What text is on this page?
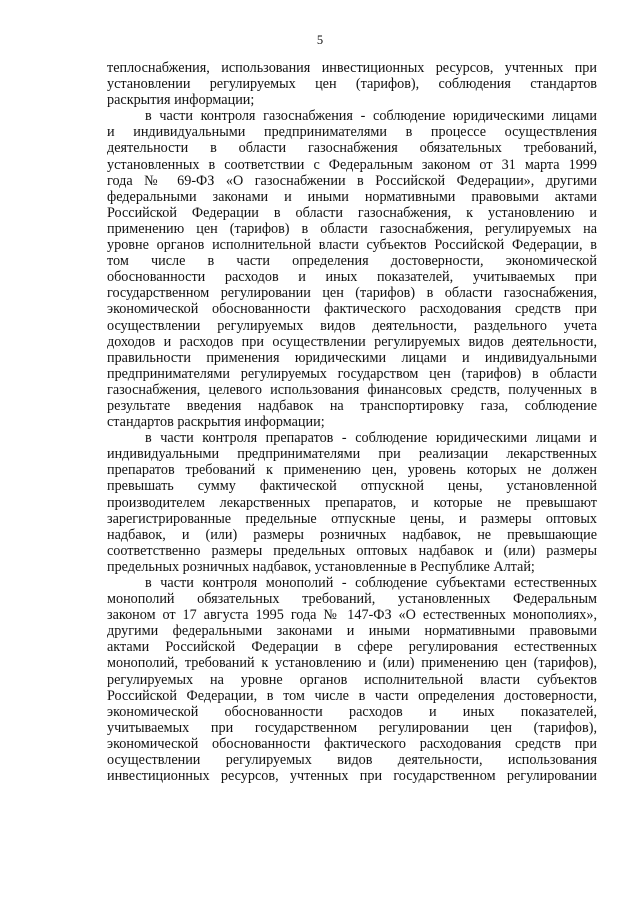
5

теплоснабжения, использования инвестиционных ресурсов, учтенных при
установлении регулируемых цен (тарифов), соблюдения стандартов
раскрытия информации;

в части контроля газоснабжения - соблюдение юридическими лицами
и индивидуальными предпринимателями в процессе осуществления
деятельности в области газоснабжения обязательных требований,
установленных в соответствии с Федеральным законом от 31 марта 1999
года № 69-ФЗ «О газоснабжении в Российской Федерации», другими
федеральными законами и иными нормативными правовыми актами
Российской Федерации в области газоснабжения, к установлению и
применению цен (тарифов) в области газоснабжения, регулируемых на
уровне органов исполнительной власти субъектов Российской Федерации, в
том числе в части определения достоверности, экономической
обоснованности расходов и иных показателей, учитываемых при
государственном регулировании цен (тарифов) в области газоснабжения,
экономической обоснованности фактического расходования средств при
осуществлении регулируемых видов деятельности, раздельного учета
доходов и расходов при осуществлении регулируемых видов деятельности,
правильности применения юридическими лицами и индивидуальными
предпринимателями регулируемых государством цен (тарифов) в области
газоснабжения, целевого использования финансовых средств, полученных в
результате введения надбавок на транспортировку газа, соблюдение
стандартов раскрытия информации;

в части контроля препаратов - соблюдение юридическими лицами и
индивидуальными предпринимателями при реализации лекарственных
препаратов требований к применению цен, уровень которых не должен
превышать сумму фактической отпускной цены, установленной
производителем лекарственных препаратов, и которые не превышают
зарегистрированные предельные отпускные цены, и размеры оптовых
надбавок, и (или) размеры розничных надбавок, не превышающие
соответственно размеры предельных оптовых надбавок и (или) размеры
предельных розничных надбавок, установленные в Республике Алтай;

в части контроля монополий - соблюдение субъектами естественных
монополий обязательных требований, установленных Федеральным
законом от 17 августа 1995 года № 147-ФЗ «О естественных монополиях»,
другими федеральными законами и иными нормативными правовыми
актами Российской Федерации в сфере регулирования естественных
монополий, требований к установлению и (или) применению цен (тарифов),
регулируемых на уровне органов исполнительной власти субъектов
Российской Федерации, в том числе в части определения достоверности,
экономической обоснованности расходов и иных показателей,
учитываемых при государственном регулировании цен (тарифов),
экономической обоснованности фактического расходования средств при
осуществлении регулируемых видов деятельности, использования
инвестиционных ресурсов, учтенных при государственном регулировании
